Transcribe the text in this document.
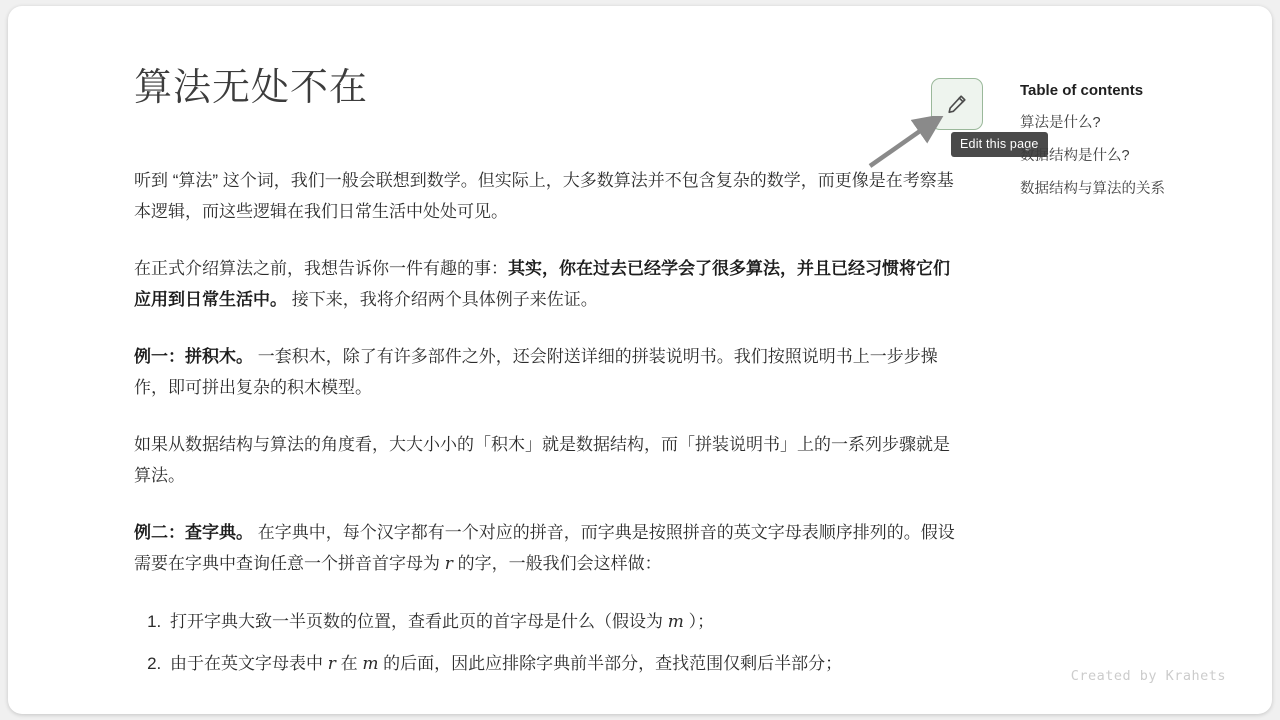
算法无处不在

听到 “算法” 这个词，我们一般会联想到数学。但实际上，大多数算法并不包含复杂的数学，而更像是在考察基本逻辑，而这些逻辑在我们日常生活中处处可见。

在正式介绍算法之前，我想告诉你一件有趣的事：其实，你在过去已经学会了很多算法，并且已经习惯将它们应用到日常生活中。 接下来，我将介绍两个具体例子来佐证。

例一：拼积木。 一套积木，除了有许多部件之外，还会附送详细的拼装说明书。我们按照说明书上一步步操作，即可拼出复杂的积木模型。

如果从数据结构与算法的角度看，大大小小的「积木」就是数据结构，而「拼装说明书」上的一系列步骤就是算法。

例二：查字典。 在字典中，每个汉字都有一个对应的拼音，而字典是按照拼音的英文字母表顺序排列的。假设需要在字典中查询任意一个拼音首字母为 r 的字，一般我们会这样做：

1. 打开字典大致一半页数的位置，查看此页的首字母是什么（假设为 m ）；
2. 由于在英文字母表中 r 在 m 的后面，因此应排除字典前半部分，查找范围仅剩后半部分；
Edit this page
Table of contents
算法是什么?
数据结构是什么?
数据结构与算法的关系
Created by Krahets
